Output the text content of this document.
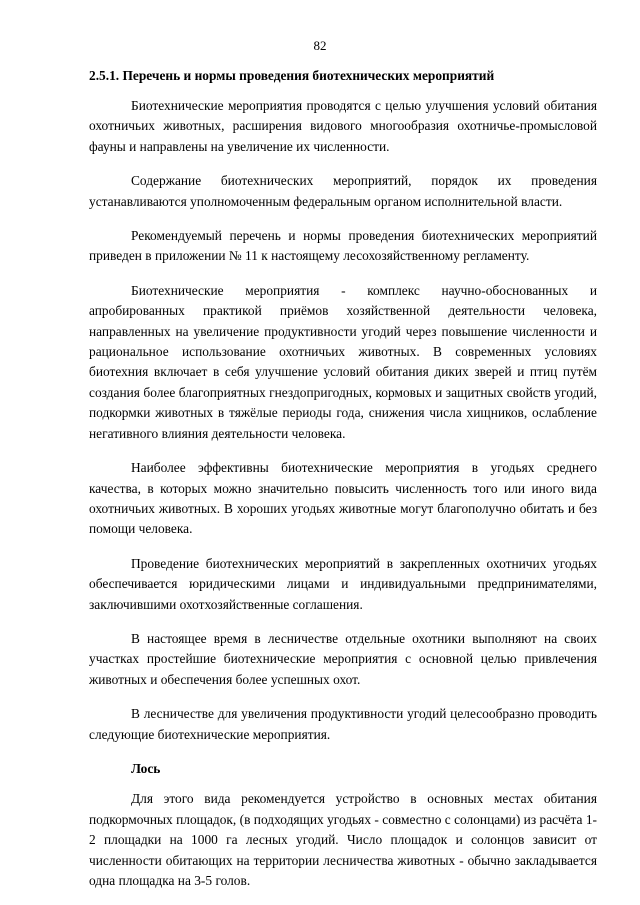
82

2.5.1. Перечень и нормы проведения биотехнических мероприятий

Биотехнические мероприятия проводятся с целью улучшения условий обитания охотничьих животных, расширения видового многообразия охотничье-промысловой фауны и направлены на увеличение их численности.

Содержание биотехнических мероприятий, порядок их проведения устанавливаются уполномоченным федеральным органом исполнительной власти.

Рекомендуемый перечень и нормы проведения биотехнических мероприятий приведен в приложении № 11 к настоящему лесохозяйственному регламенту.

Биотехнические мероприятия - комплекс научно-обоснованных и апробированных практикой приёмов хозяйственной деятельности человека, направленных на увеличение продуктивности угодий через повышение численности и рациональное использование охотничьих животных. В современных условиях биотехния включает в себя улучшение условий обитания диких зверей и птиц путём создания более благоприятных гнездопригодных, кормовых и защитных свойств угодий, подкормки животных в тяжёлые периоды года, снижения числа хищников, ослабление негативного влияния деятельности человека.

Наиболее эффективны биотехнические мероприятия в угодьях среднего качества, в которых можно значительно повысить численность того или иного вида охотничьих животных. В хороших угодьях животные могут благополучно обитать и без помощи человека.

Проведение биотехнических мероприятий в закрепленных охотничих угодьях обеспечивается юридическими лицами и индивидуальными предпринимателями, заключившими охотхозяйственные соглашения.

В настоящее время в лесничестве отдельные охотники выполняют на своих участках простейшие биотехнические мероприятия с основной целью привлечения животных и обеспечения более успешных охот.

В лесничестве для увеличения продуктивности угодий целесообразно проводить следующие биотехнические мероприятия.

Лось

Для этого вида рекомендуется устройство в основных местах обитания подкормочных площадок, (в подходящих угодьях - совместно с солонцами) из расчёта 1-2 площадки на 1000 га лесных угодий. Число площадок и солонцов зависит от численности обитающих на территории лесничества животных - обычно закладывается одна площадка на 3-5 голов.
